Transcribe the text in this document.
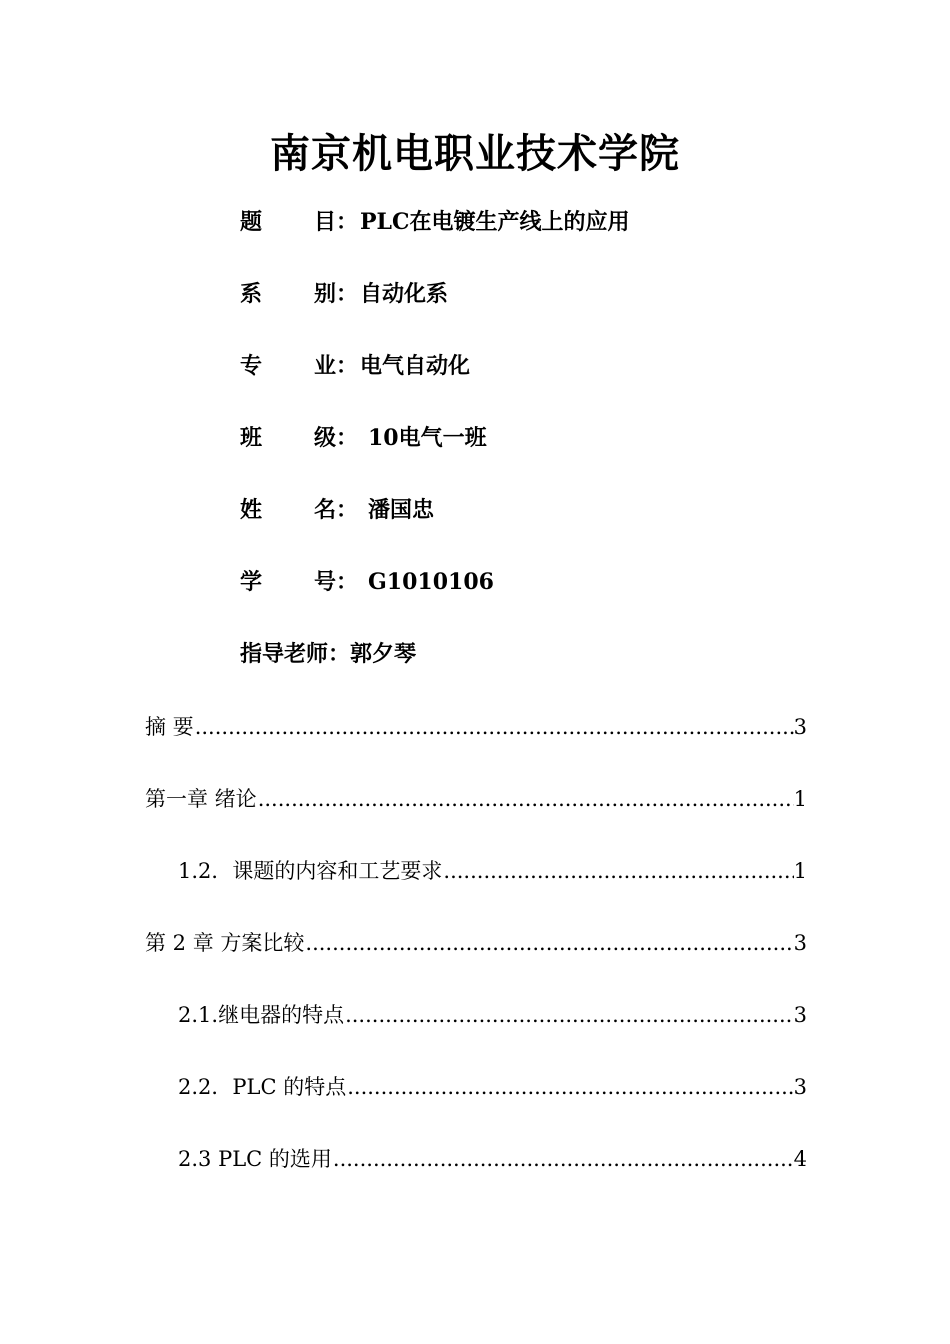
南京机电职业技术学院
题 目 ： PLC在电镀生产线上的应用
系 别 ： 自动化系
专 业 ： 电气自动化
班 级 ： 10电气一班
姓 名 ： 潘国忠
学 号 ： G1010106
指导老师 ： 郭夕琴
摘 要 .....	3
第一章 绪论 .....	1
1.2．课题的内容和工艺要求 .....	1
第 2 章 方案比较 .....	3
2.1.继电器的特点 .....	3
2.2．PLC 的特点 .....	3
2.3 PLC 的选用 .....	4
